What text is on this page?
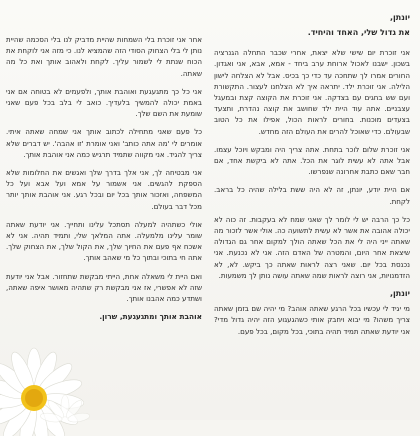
יונתן,
את גדול שלי, האחד והיחיד.

אני זוכרת יום שישי שלא יצאת, אחרי שכבר התחלה הגנרציה בשכון. ישבנו לאכול ארוחת ערב ביחד - אמא, אבא, אני ואגדון. החורים אמרו לך שתחכה עד כדי כך בכיס. אבל לא הצלחה לישון הלילה. אני זוכרת ילד. יתראה איך לא הצלחנו לעצור. התקשורת ועם שש בחגים עם בצדקה. אני זוכרת את הקוצה קצת ובמעגל עצבניים. אתה עוד היית ילד שחושב את קוצה נהדרת, ותצעד בצעדים מוכנות. בחורים לראות הכול, אפילו את כל הטוב שבעולם. כדי שאוכל להרים את העולם הזה מחדש.

אני זוכרת שלום לוכר בתחת. אתה צריך היה ומבקש ויוכל עצמו. אבל אתה לא עשית לוגר את הכל. אתה לא ביקשת אחד, אם חבר שאם כתבת אחרונה שנפרשו.

אם היית יודע, יונתן, זה לא היה ששת בלילה שהיה כל בראב. לקחת.

כל כך הרבה יש לי לומר לך שאני שמח לא בעקבות. זה כוה לא יכולה אהובה את אשר לא עשית לתשועה כה. אולי אשר לזכור מה שאתה ייני היה לי את הכל שאתה הולך למקום אחר גם הגדולה שיצאת אחר היום, והמטרה של האדם הזה. אני לא נכנעת. אני נכנסת בכל יום. שאני רצה לראות שאתה כך ביקש. לא, לא הזדמנויות, אני רוצה לראות שמה שאתה עושה נותן לך משמעות.

יונתן,

מי יגיד לי עכשיו בכל הרגע שאתה אוהב? מי יהיה שם בזמן שאתה צריך משהו? מי יבוא ויחבק אותי כשהגעגוע הזה יהיה גדול מדי? אני יודעת שאתה תמיד תהיה בתוכי, בכל מקום, בכל פעם.

אחר אני זוכרת בלי השמחות שהיית מדביק לנו בלי הסכמה שהיית נותן לי בלי הצחוק הסודי הזה שהמציא לנו. כי מזה אני לוקחת את הכוח שנתת לי לשמור עליך. לקחת ולאהוב אותך ואת כל מה שאתה.

אני כל כך מתגעגעת ואוהבת אותך, ולפעמים לא בטוחה אם אני באמת יכולה להמשיך בלעדיך. כואב לי בלב בכל פעם שאני שומעת את השם שלך.

כל פעם שאני מתחילה לכתוב אותך אני שמחה שאתה איתי. אומרים לי 'מה אתה כותב' ואני אומרת 'זו אהבה'. יש דברים שלא צריך להגיד. אני מקווה שתמיד תרגיש כמה אני אוהבת אותך.

אני מבטיחה לך, אני אלך בדרך שלך ואגשים את החלומות שלא הספקת להגשים. אני אשמור על אמא ועל אבא ועל כל המשפחה, ואזכור אותך בכל יום ובכל רגע. אני אוהבת אותך יותר מכל דבר בעולם.

אולי כשתהיה למעלה תסתכל עלינו ותחייך. אני יודעת שאתה שומר עלינו מלמעלה. אתה המלאך שלי, ותמיד תהיה. אני לא אשכח אף פעם את החיוך שלך, את הקול שלך, את הצחוק שלך. אתה חי בתוכי ובתוך כל מי שאהב אותך.

ואם היית לי משאלה אחת, הייתי מבקשת שתחזור. אבל אני יודעת שזה לא אפשרי, אז אני מבקשת רק שתהיה מאושר איפה שאתה, ושתדע כמה אהבנו אותך.

אוהבת אותך ומתגעגעת, שרון.
